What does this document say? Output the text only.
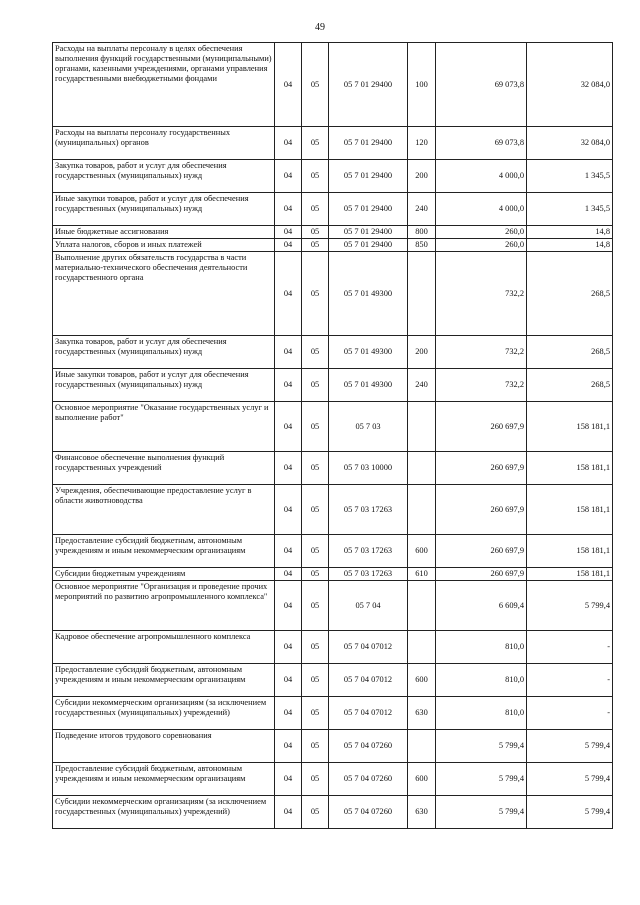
49
Расходы на выплаты персоналу в целях обеспечения выполнения функций государственными (муниципальными) органами, казенными учреждениями, органами управления государственными внебюджетными фондами	04	05	05 7 01 29400	100	69 073,8	32 084,0
Расходы на выплаты персоналу государственных (муниципальных) органов	04	05	05 7 01 29400	120	69 073,8	32 084,0
Закупка товаров, работ и услуг для обеспечения государственных (муниципальных) нужд	04	05	05 7 01 29400	200	4 000,0	1 345,5
Иные закупки товаров, работ и услуг для обеспечения государственных (муниципальных) нужд	04	05	05 7 01 29400	240	4 000,0	1 345,5
Иные бюджетные ассигнования	04	05	05 7 01 29400	800	260,0	14,8
Уплата налогов, сборов и иных платежей	04	05	05 7 01 29400	850	260,0	14,8
Выполнение других обязательств государства в части материально-технического обеспечения деятельности государственного органа	04	05	05 7 01 49300		732,2	268,5
Закупка товаров, работ и услуг для обеспечения государственных (муниципальных) нужд	04	05	05 7 01 49300	200	732,2	268,5
Иные закупки товаров, работ и услуг для обеспечения государственных (муниципальных) нужд	04	05	05 7 01 49300	240	732,2	268,5
Основное мероприятие "Оказание государственных услуг и выполнение работ"	04	05	05 7 03		260 697,9	158 181,1
Финансовое обеспечение выполнения функций государственных учреждений	04	05	05 7 03 10000		260 697,9	158 181,1
Учреждения, обеспечивающие предоставление услуг в области животноводства	04	05	05 7 03 17263		260 697,9	158 181,1
Предоставление субсидий бюджетным, автономным учреждениям и иным некоммерческим организациям	04	05	05 7 03 17263	600	260 697,9	158 181,1
Субсидии бюджетным учреждениям	04	05	05 7 03 17263	610	260 697,9	158 181,1
Основное мероприятие "Организация и проведение прочих мероприятий по развитию агропромышленного комплекса"	04	05	05 7 04		6 609,4	5 799,4
Кадровое обеспечение агропромышленного комплекса	04	05	05 7 04 07012		810,0	-
Предоставление субсидий бюджетным, автономным учреждениям и иным некоммерческим организациям	04	05	05 7 04 07012	600	810,0	-
Субсидии некоммерческим организациям (за исключением государственных (муниципальных) учреждений)	04	05	05 7 04 07012	630	810,0	-
Подведение итогов трудового соревнования	04	05	05 7 04 07260		5 799,4	5 799,4
Предоставление субсидий бюджетным, автономным учреждениям и иным некоммерческим организациям	04	05	05 7 04 07260	600	5 799,4	5 799,4
Субсидии некоммерческим организациям (за исключением государственных (муниципальных) учреждений)	04	05	05 7 04 07260	630	5 799,4	5 799,4
